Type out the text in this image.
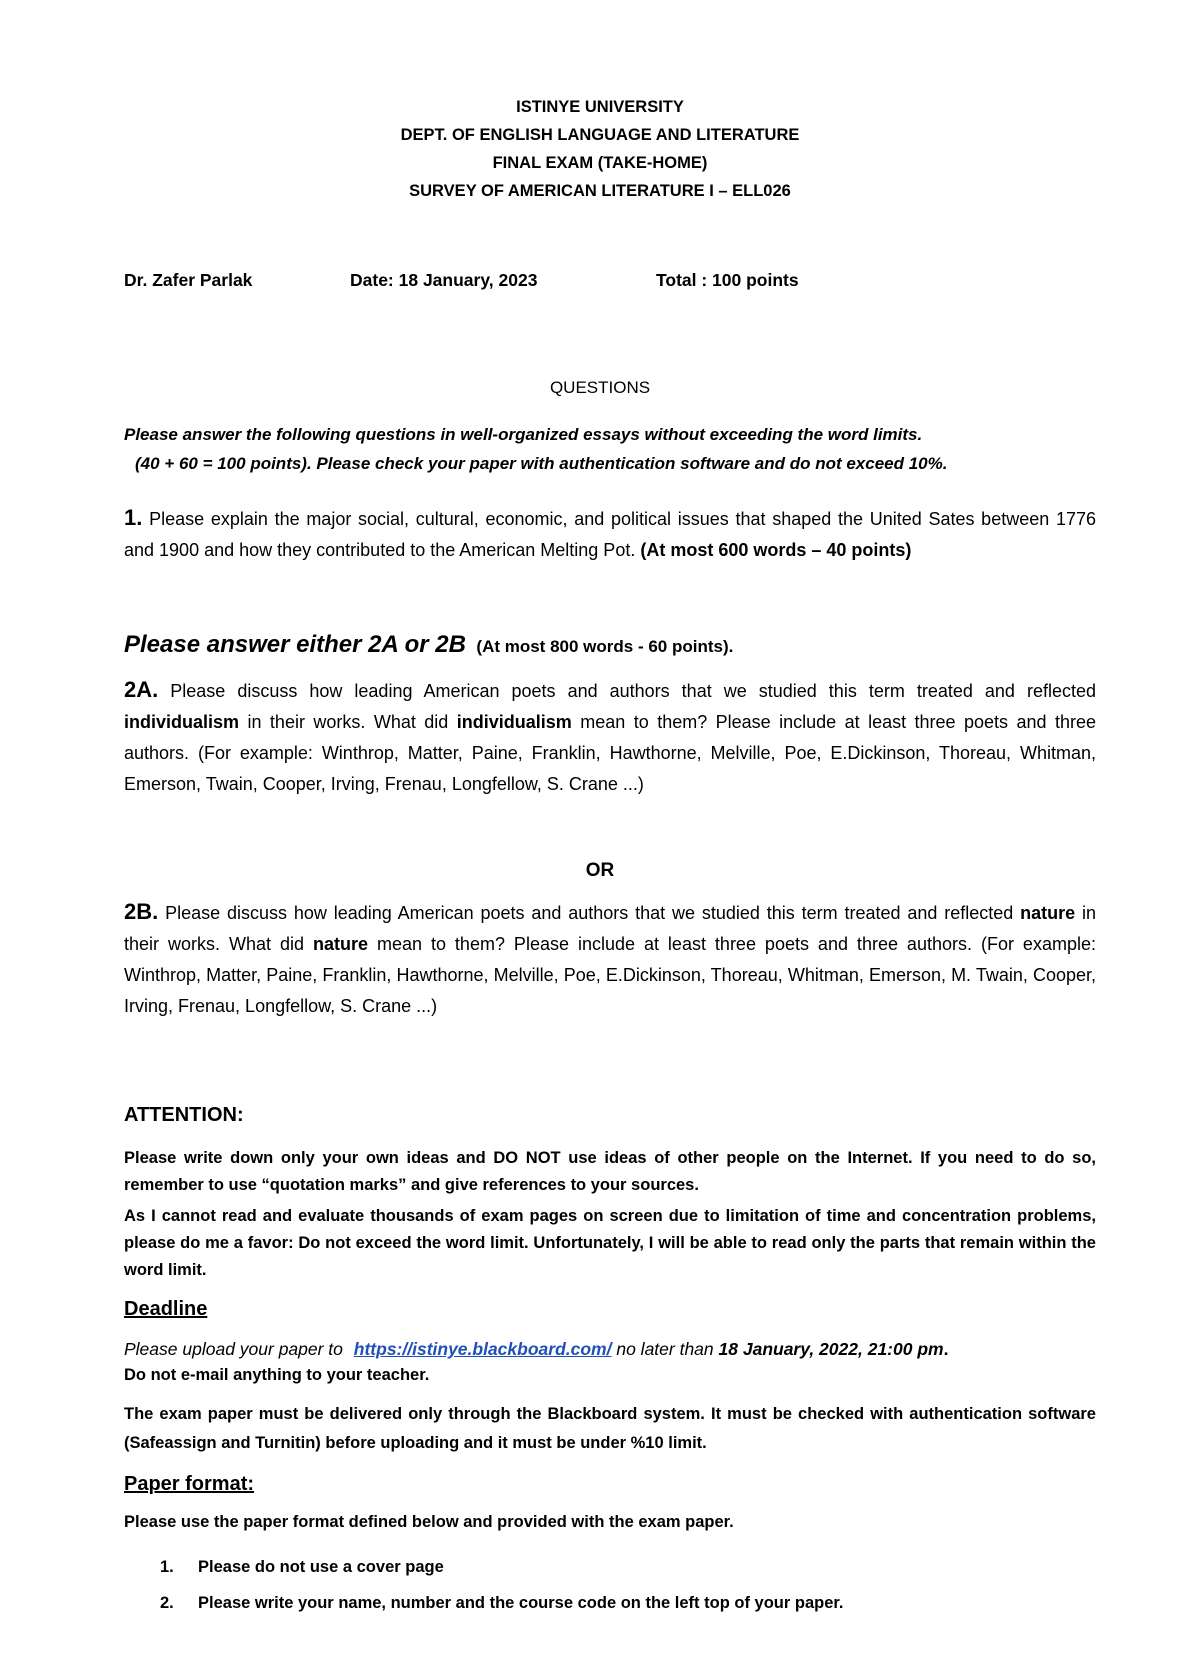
ISTINYE UNIVERSITY
DEPT. OF ENGLISH LANGUAGE AND LITERATURE
FINAL EXAM (TAKE-HOME)
SURVEY OF AMERICAN LITERATURE I – ELL026
Dr. Zafer Parlak	Date: 18 January, 2023	Total : 100 points
QUESTIONS
Please answer the following questions in well-organized essays without exceeding the word limits.
(40 + 60 = 100 points). Please check your paper with authentication software and do not exceed 10%.
1. Please explain the major social, cultural, economic, and political issues that shaped the United Sates between 1776 and 1900 and how they contributed to the American Melting Pot. (At most 600 words – 40 points)
Please answer either 2A or 2B (At most 800 words - 60 points).
2A. Please discuss how leading American poets and authors that we studied this term treated and reflected individualism in their works. What did individualism mean to them? Please include at least three poets and three authors. (For example: Winthrop, Matter, Paine, Franklin, Hawthorne, Melville, Poe, E.Dickinson, Thoreau, Whitman, Emerson, Twain, Cooper, Irving, Frenau, Longfellow, S. Crane ...)
OR
2B. Please discuss how leading American poets and authors that we studied this term treated and reflected nature in their works. What did nature mean to them? Please include at least three poets and three authors. (For example: Winthrop, Matter, Paine, Franklin, Hawthorne, Melville, Poe, E.Dickinson, Thoreau, Whitman, Emerson, M. Twain, Cooper, Irving, Frenau, Longfellow, S. Crane ...)
ATTENTION:
Please write down only your own ideas and DO NOT use ideas of other people on the Internet. If you need to do so, remember to use “quotation marks” and give references to your sources.
As I cannot read and evaluate thousands of exam pages on screen due to limitation of time and concentration problems, please do me a favor: Do not exceed the word limit. Unfortunately, I will be able to read only the parts that remain within the word limit.
Deadline
Please upload your paper to https://istinye.blackboard.com/ no later than 18 January, 2022, 21:00 pm.
Do not e-mail anything to your teacher.
The exam paper must be delivered only through the Blackboard system. It must be checked with authentication software (Safeassign and Turnitin) before uploading and it must be under %10 limit.
Paper format:
Please use the paper format defined below and provided with the exam paper.
1. Please do not use a cover page
2. Please write your name, number and the course code on the left top of your paper.
